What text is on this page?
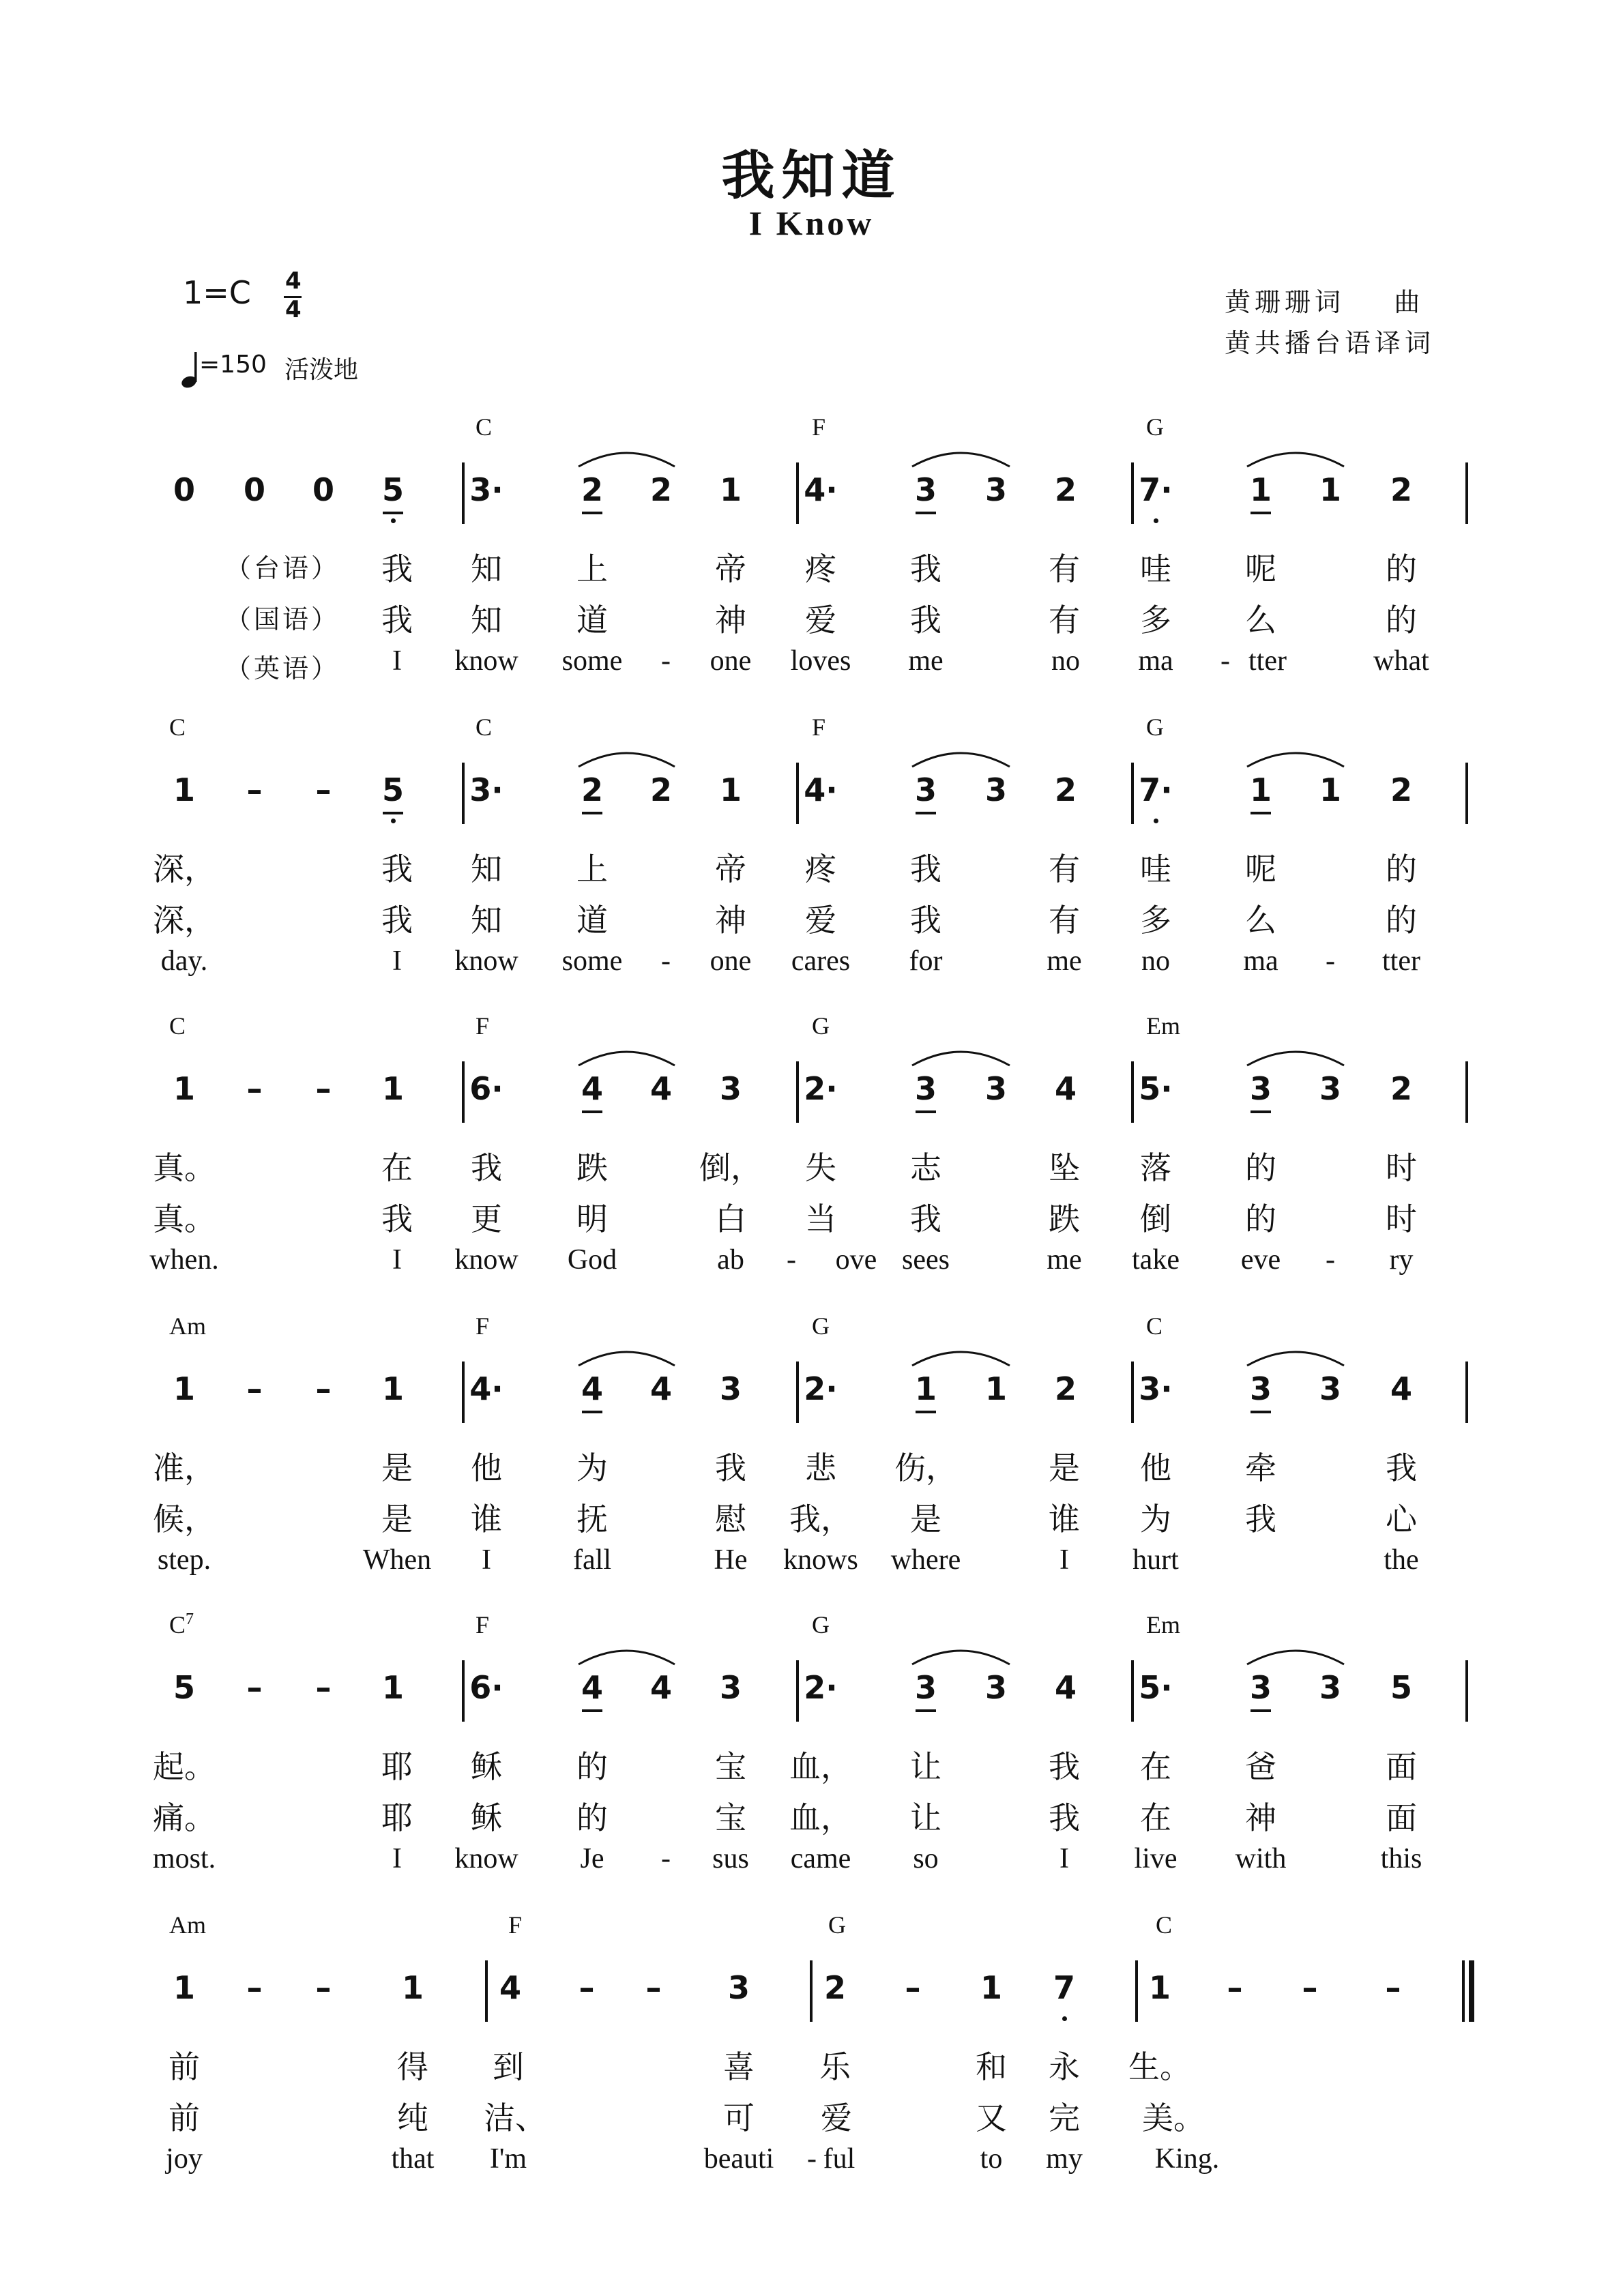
我知道
I Know
1=C 4
4
=150 活泼地
黄珊珊词    曲
黄共播台语译词
C	F	G
0	0	0	5	3·	2	2	1	4·	3	3	2	7·	1	1	2
我	知	上	帝	疼	我	有	哇	呢	的
我	知	道	神	爱	我	有	多	么	的
I	know	some	-	one	loves	me	no	ma	- tter	what
（台语）
（国语）
（英语）
C	C	F	G
1	–	–	5	3·	2	2	1	4·	3	3	2	7·	1	1	2
深，	我	知	上	帝	疼	我	有	哇	呢	的
深，	我	知	道	神	爱	我	有	多	么	的
day.	I	know	some	-	one	cares	for	me	no	ma	-	tter
C	F	G	Em
1	–	–	1	6·	4	4	3	2·	3	3	4	5·	3	3	2
真。	在	我	跌	倒，	失	志	坠	落	的	时
真。	我	更	明	白	当	我	跌	倒	的	时
when.	I	know	God	ab	-	ove sees	me	take	eve	-	ry
Am	F	G	C
1	–	–	1	4·	4	4	3	2·	1	1	2	3·	3	3	4
准，	是	他	为	我	悲	伤，	是	他	牵	我
候，	是	谁	抚	慰	我，	是	谁	为	我	心
step.	When	I	fall	He	knows	where	I	hurt	the
$C^7$	F	G	Em
5	–	–	1	6·	4	4	3	2·	3	3	4	5·	3	3	5
起。	耶	稣	的	宝	血，	让	我	在	爸	面
痛。	耶	稣	的	宝	血，	让	我	在	神	面
most.	I	know	Je	-	sus	came	so	I	live	with	this
Am	F	G	C
1	–	–	1	4	–	–	3	2	–	1	7	1	–	–	–
前	得	到	喜	乐	和	永	生。
前	纯	洁、	可	爱	又	完	美。
joy	that	I'm	beauti	- ful	to	my	King.
